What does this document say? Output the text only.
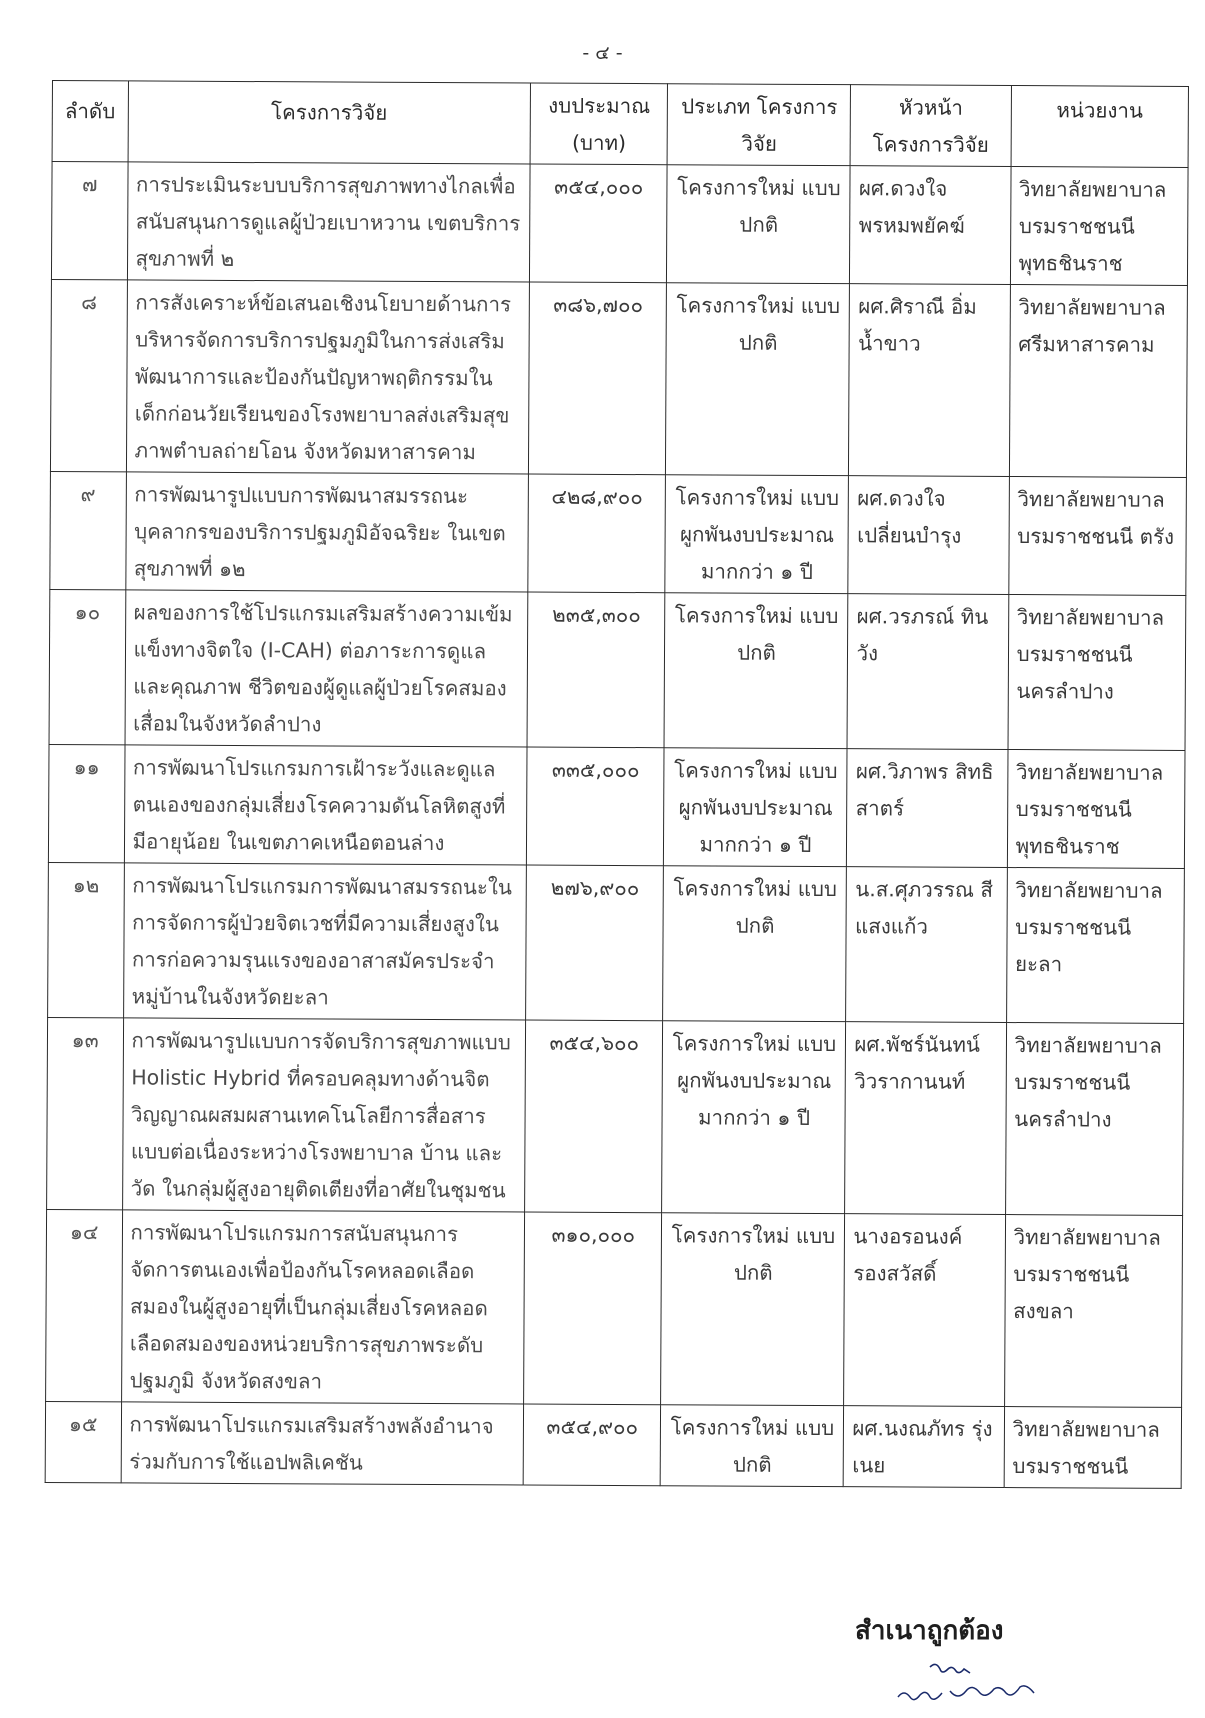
- ๔ -
ลำดับ	โครงการวิจัย	งบประมาณ (บาท)	ประเภท โครงการวิจัย	หัวหน้า โครงการวิจัย	หน่วยงาน
๗	การประเมินระบบบริการสุขภาพทางไกลเพื่อสนับสนุนการดูแลผู้ป่วยเบาหวาน เขตบริการสุขภาพที่ ๒	๓๕๔,๐๐๐	โครงการใหม่ แบบปกติ	ผศ.ดวงใจ พรหมพยัคฆ์	วิทยาลัยพยาบาลบรมราชชนนี พุทธชินราช
๘	การสังเคราะห์ข้อเสนอเชิงนโยบายด้านการบริหารจัดการบริการปฐมภูมิในการส่งเสริมพัฒนาการและป้องกันปัญหาพฤติกรรมในเด็กก่อนวัยเรียนของโรงพยาบาลส่งเสริมสุขภาพตำบลถ่ายโอน จังหวัดมหาสารคาม	๓๘๖,๗๐๐	โครงการใหม่ แบบปกติ	ผศ.ศิราณี อิ่มน้ำขาว	วิทยาลัยพยาบาลศรีมหาสารคาม
๙	การพัฒนารูปแบบการพัฒนาสมรรถนะบุคลากรของบริการปฐมภูมิอัจฉริยะ ในเขตสุขภาพที่ ๑๒	๔๒๘,๙๐๐	โครงการใหม่ แบบผูกพันงบประมาณ มากกว่า ๑ ปี	ผศ.ดวงใจ เปลี่ยนบำรุง	วิทยาลัยพยาบาลบรมราชชนนี ตรัง
๑๐	ผลของการใช้โปรแกรมเสริมสร้างความเข้มแข็งทางจิตใจ (I-CAH) ต่อภาระการดูแลและคุณภาพ ชีวิตของผู้ดูแลผู้ป่วยโรคสมองเสื่อมในจังหวัดลำปาง	๒๓๕,๓๐๐	โครงการใหม่ แบบปกติ	ผศ.วรภรณ์ ทินวัง	วิทยาลัยพยาบาลบรมราชชนนี นครลำปาง
๑๑	การพัฒนาโปรแกรมการเฝ้าระวังและดูแลตนเองของกลุ่มเสี่ยงโรคความดันโลหิตสูงที่มีอายุน้อย ในเขตภาคเหนือตอนล่าง	๓๓๕,๐๐๐	โครงการใหม่ แบบผูกพันงบประมาณ มากกว่า ๑ ปี	ผศ.วิภาพร สิทธิสาตร์	วิทยาลัยพยาบาลบรมราชชนนี พุทธชินราช
๑๒	การพัฒนาโปรแกรมการพัฒนาสมรรถนะในการจัดการผู้ป่วยจิตเวชที่มีความเสี่ยงสูงในการก่อความรุนแรงของอาสาสมัครประจำหมู่บ้านในจังหวัดยะลา	๒๗๖,๙๐๐	โครงการใหม่ แบบปกติ	น.ส.ศุภวรรณ สีแสงแก้ว	วิทยาลัยพยาบาลบรมราชชนนี ยะลา
๑๓	การพัฒนารูปแบบการจัดบริการสุขภาพแบบ Holistic Hybrid ที่ครอบคลุมทางด้านจิตวิญญาณผสมผสานเทคโนโลยีการสื่อสารแบบต่อเนื่องระหว่างโรงพยาบาล บ้าน และวัด ในกลุ่มผู้สูงอายุติดเตียงที่อาศัยในชุมชน	๓๕๔,๖๐๐	โครงการใหม่ แบบผูกพันงบประมาณ มากกว่า ๑ ปี	ผศ.พัชร์นันทน์ วิวรากานนท์	วิทยาลัยพยาบาลบรมราชชนนี นครลำปาง
๑๔	การพัฒนาโปรแกรมการสนับสนุนการจัดการตนเองเพื่อป้องกันโรคหลอดเลือดสมองในผู้สูงอายุที่เป็นกลุ่มเสี่ยงโรคหลอดเลือดสมองของหน่วยบริการสุขภาพระดับปฐมภูมิ จังหวัดสงขลา	๓๑๐,๐๐๐	โครงการใหม่ แบบปกติ	นางอรอนงค์ รองสวัสดิ์	วิทยาลัยพยาบาลบรมราชชนนี สงขลา
๑๕	การพัฒนาโปรแกรมเสริมสร้างพลังอำนาจร่วมกับการใช้แอปพลิเคชัน	๓๕๔,๙๐๐	โครงการใหม่ แบบปกติ	ผศ.นงณภัทร รุ่งเนย	วิทยาลัยพยาบาลบรมราชชนนี
สำเนาถูกต้อง
